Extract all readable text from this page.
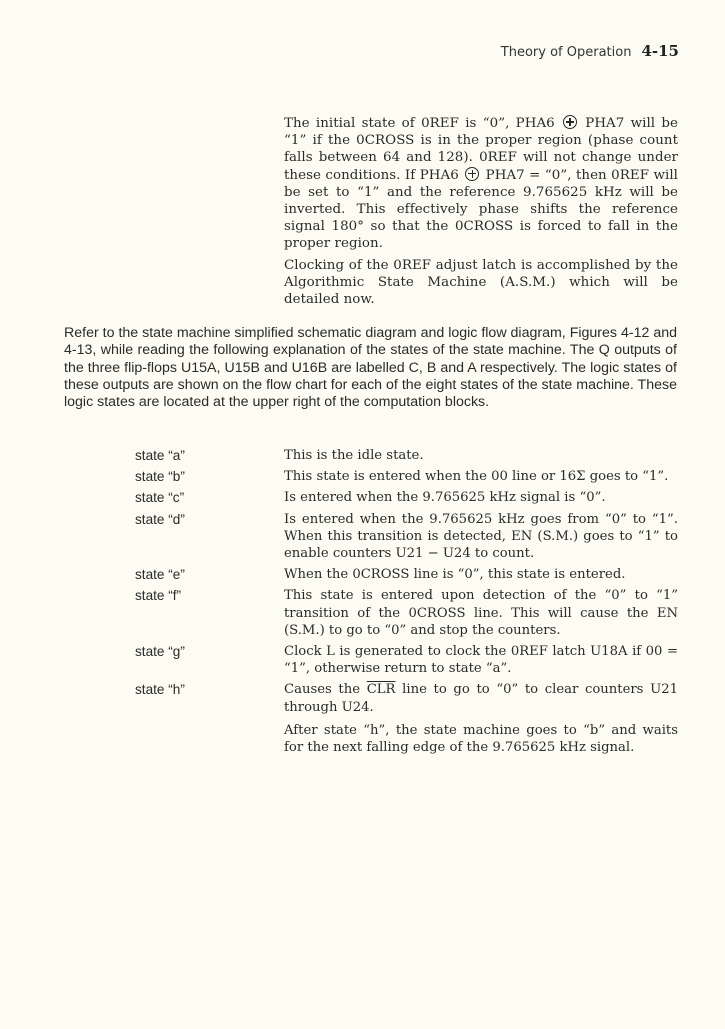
Theory of Operation 4-15

The initial state of 0REF is “0”, PHA6 PHA7 will be “1” if the 0CROSS is in the proper region (phase count falls between 64 and 128). 0REF will not change under these conditions. If PHA6 PHA7 = “0”, then 0REF will be set to “1” and the reference 9.765625 kHz will be inverted. This effectively phase shifts the reference signal 180° so that the 0CROSS is forced to fall in the proper region.

Clocking of the 0REF adjust latch is accomplished by the Algorithmic State Machine (A.S.M.) which will be detailed now.

Refer to the state machine simplified schematic diagram and logic flow diagram, Figures 4-12 and 4-13, while reading the following explanation of the states of the state machine. The Q outputs of the three flip-flops U15A, U15B and U16B are labelled C, B and A respectively. The logic states of these outputs are shown on the flow chart for each of the eight states of the state machine. These logic states are located at the upper right of the computation blocks.

state “a”	This is the idle state.
state “b”	This state is entered when the 00 line or 16Σ goes to “1”.
state “c”	Is entered when the 9.765625 kHz signal is “0”.
state “d”	Is entered when the 9.765625 kHz goes from “0” to “1”. When this transition is detected, EN (S.M.) goes to “1” to enable counters U21 − U24 to count.
state “e”	When the 0CROSS line is “0”, this state is entered.
state “f”	This state is entered upon detection of the “0” to “1” transition of the 0CROSS line. This will cause the EN (S.M.) to go to “0” and stop the counters.
state “g”	Clock L is generated to clock the 0REF latch U18A if 00 = “1”, otherwise return to state “a”.
state “h”	Causes the $\overline{CLR}$ line to go to “0” to clear counters U21 through U24.
After state “h”, the state machine goes to “b” and waits for the next falling edge of the 9.765625 kHz signal.
